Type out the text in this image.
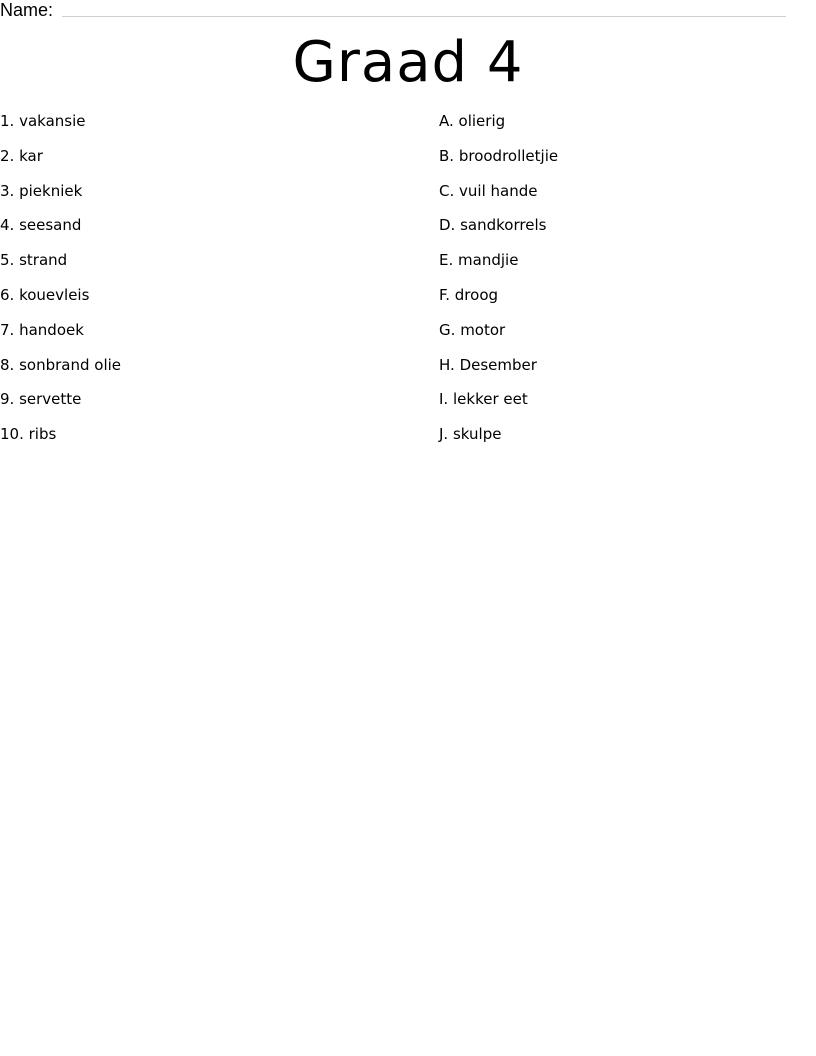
Name:
Graad 4
1. vakansie
2. kar
3. piekniek
4. seesand
5. strand
6. kouevleis
7. handoek
8. sonbrand olie
9. servette
10. ribs
A. olierig
B. broodrolletjie
C. vuil hande
D. sandkorrels
E. mandjie
F. droog
G. motor
H. Desember
I. lekker eet
J. skulpe
